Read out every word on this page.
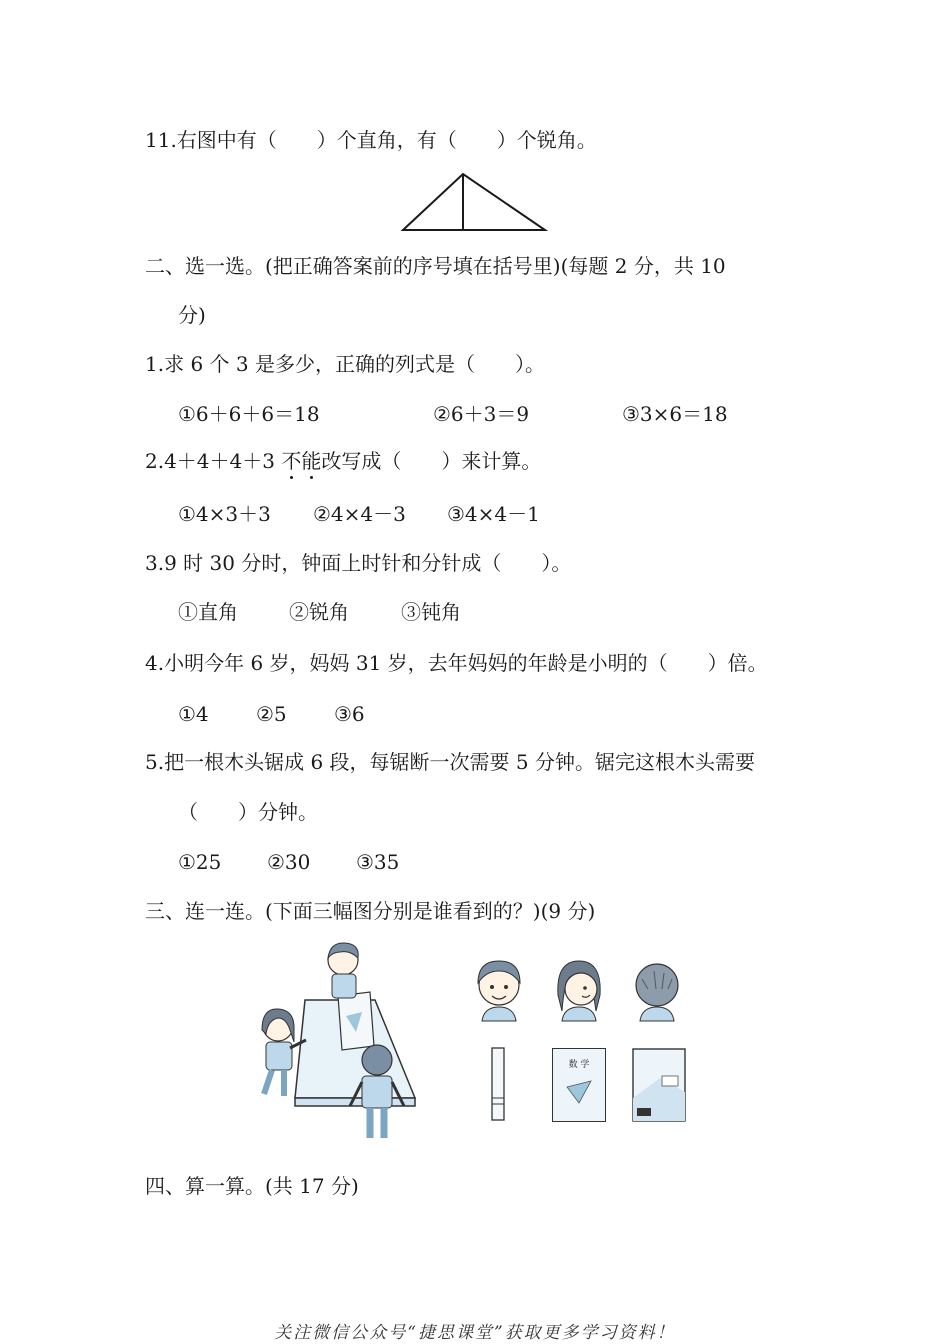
11.右图中有（　　）个直角，有（　　）个锐角。
二、选一选。(把正确答案前的序号填在括号里)(每题 2 分，共 10
分)
1.求 6 个 3 是多少，正确的列式是（　　）。
①6＋6＋6＝18	②6＋3＝9	③3×6＝18
2.4＋4＋4＋3 不能改写成（　　）来计算。
①4×3＋3 ②4×4－3 ③4×4－1
3.9 时 30 分时，钟面上时针和分针成（　　）。
①直角	②锐角	③钝角
4.小明今年 6 岁，妈妈 31 岁，去年妈妈的年龄是小明的（　　）倍。
①4 ②5 ③6
5.把一根木头锯成 6 段，每锯断一次需要 5 分钟。锯完这根木头需要
（　　）分钟。
①25 ②30 ③35
三、连一连。(下面三幅图分别是谁看到的？)(9 分)
数 学
四、算一算。(共 17 分)
关注微信公众号“捷思课堂”获取更多学习资料！
